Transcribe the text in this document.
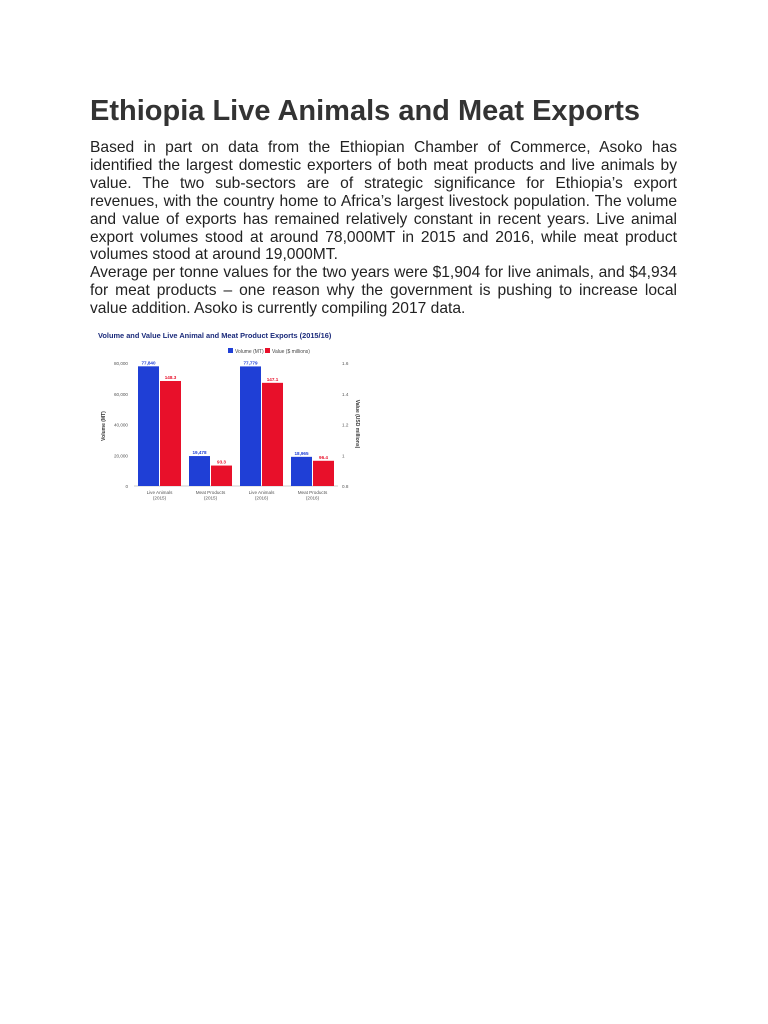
Ethiopia Live Animals and Meat Exports

Based in part on data from the Ethiopian Chamber of Commerce, Asoko has identified the largest domestic exporters of both meat products and live animals by value. The two sub-sectors are of strategic significance for Ethiopia’s export revenues, with the country home to Africa’s largest livestock population. The volume and value of exports has remained relatively constant in recent years. Live animal export volumes stood at around 78,000MT in 2015 and 2016, while meat product volumes stood at around 19,000MT.

Average per tonne values for the two years were $1,904 for live animals, and $4,934 for meat products – one reason why the government is pushing to increase local value addition. Asoko is currently compiling 2017 data.

Volume and Value Live Animal and Meat Product Exports (2015/16)
Volume (MT) Value ($ millions)
Volume (MT)	Value (USD millions)
80,000
60,000
40,000
20,000
0
1.6
1.4
1.2
1
0.8
77,840
148.3
Live Animals
(2015)
19,478
93.3
Meat Products
(2015)
77,779
147.1
Live Animals
(2016)
18,965
96.4
Meat Products
(2016)
